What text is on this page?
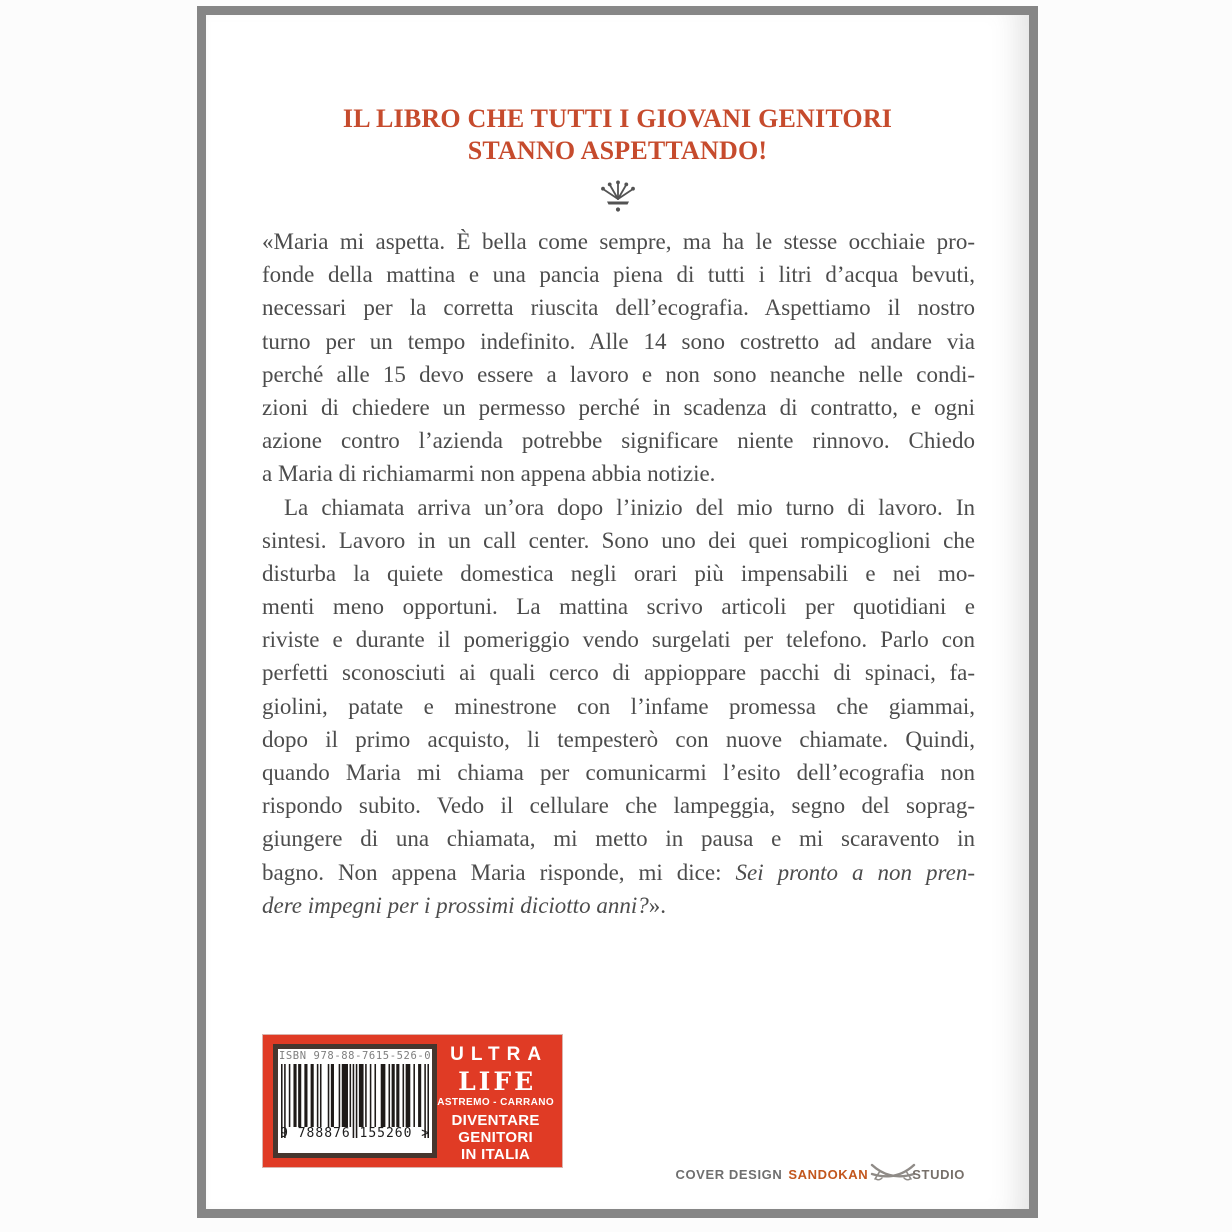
IL LIBRO CHE TUTTI I GIOVANI GENITORI
STANNO ASPETTANDO!
«Maria mi aspetta. È bella come sempre, ma ha le stesse occhiaie pro-
fonde della mattina e una pancia piena di tutti i litri d’acqua bevuti,
necessari per la corretta riuscita dell’ecografia. Aspettiamo il nostro
turno per un tempo indefinito. Alle 14 sono costretto ad andare via
perché alle 15 devo essere a lavoro e non sono neanche nelle condi-
zioni di chiedere un permesso perché in scadenza di contratto, e ogni
azione contro l’azienda potrebbe significare niente rinnovo. Chiedo
a Maria di richiamarmi non appena abbia notizie.
La chiamata arriva un’ora dopo l’inizio del mio turno di lavoro. In
sintesi. Lavoro in un call center. Sono uno dei quei rompicoglioni che
disturba la quiete domestica negli orari più impensabili e nei mo-
menti meno opportuni. La mattina scrivo articoli per quotidiani e
riviste e durante il pomeriggio vendo surgelati per telefono. Parlo con
perfetti sconosciuti ai quali cerco di appioppare pacchi di spinaci, fa-
giolini, patate e minestrone con l’infame promessa che giammai,
dopo il primo acquisto, li tempesterò con nuove chiamate. Quindi,
quando Maria mi chiama per comunicarmi l’esito dell’ecografia non
rispondo subito. Vedo il cellulare che lampeggia, segno del soprag-
giungere di una chiamata, mi metto in pausa e mi scaravento in
bagno. Non appena Maria risponde, mi dice: Sei pronto a non pren-
dere impegni per i prossimi diciotto anni?».
ISBN 978-88-7615-526-0
9 788876 155260 >
ULTRA
LIFE
ASTREMO - CARRANO
DIVENTARE
GENITORI
IN ITALIA
COVER DESIGN SANDOKAN	STUDIO
